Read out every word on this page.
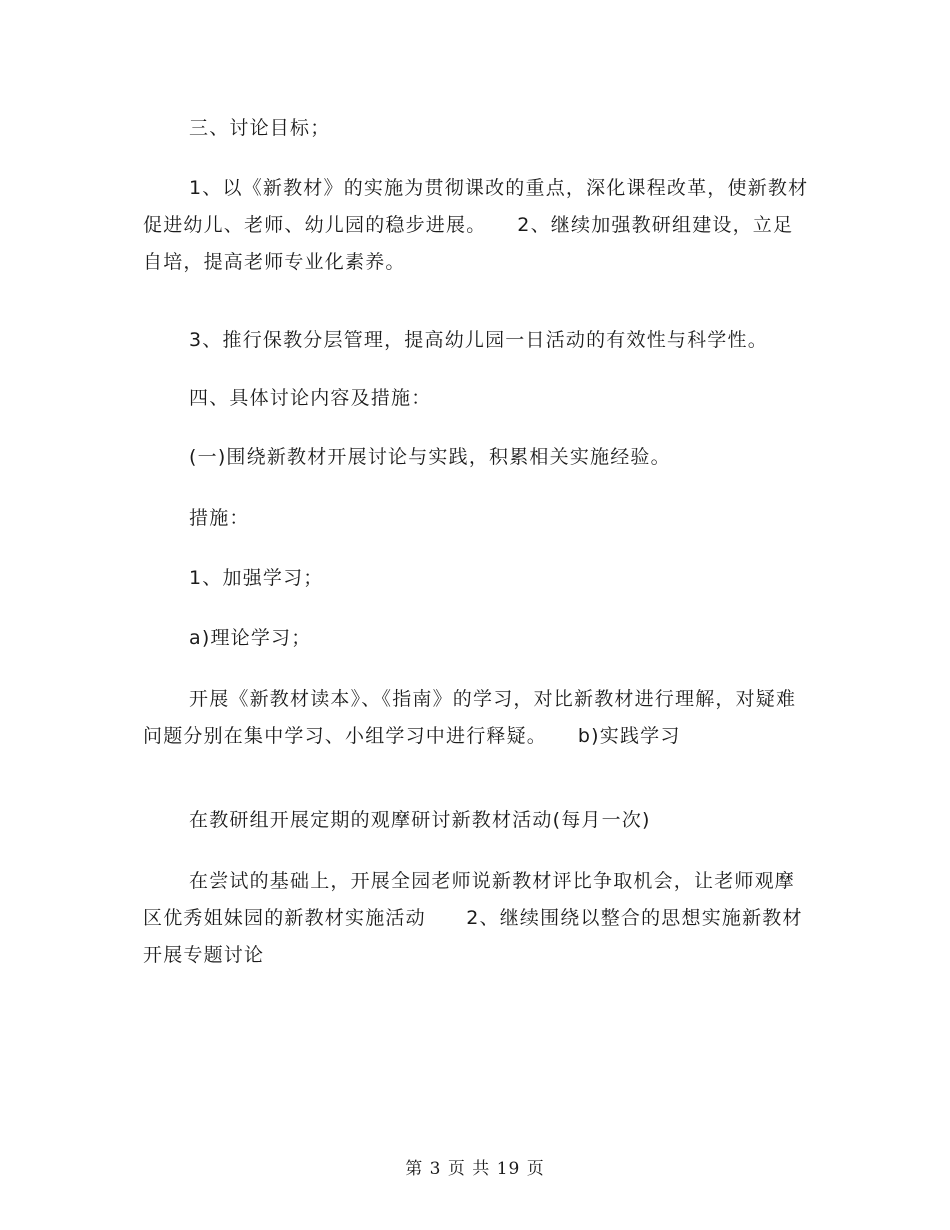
三、讨论目标；

1、以《新教材》的实施为贯彻课改的重点，深化课程改革，使新教材促进幼儿、老师、幼儿园的稳步进展。　　2、继续加强教研组建设，立足自培，提高老师专业化素养。

3、推行保教分层管理，提高幼儿园一日活动的有效性与科学性。
四、具体讨论内容及措施：
(一)围绕新教材开展讨论与实践，积累相关实施经验。
措施：
1、加强学习；
a)理论学习；

开展《新教材读本》、《指南》的学习，对比新教材进行理解，对疑难问题分别在集中学习、小组学习中进行释疑。　　b)实践学习

在教研组开展定期的观摩研讨新教材活动(每月一次)

在尝试的基础上，开展全园老师说新教材评比争取机会，让老师观摩区优秀姐妹园的新教材实施活动　　2、继续围绕以整合的思想实施新教材开展专题讨论

第 3 页 共 19 页
